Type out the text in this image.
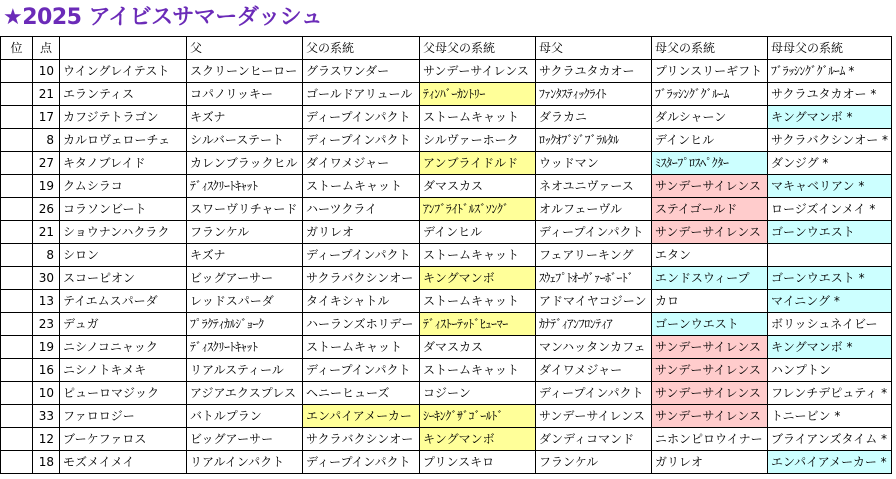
★2025 アイビスサマーダッシュ
位	点		父	父の系統	父母父の系統	母父	母父の系統	母母父の系統
	10	ウイングレイテスト	スクリーンヒーロー	グラスワンダー	サンデーサイレンス	サクラユタカオー	プリンスリーギフト	ﾌﾞﾗｯｼﾝｸﾞｸﾞﾙｰﾑ *
	21	エランティス	コパノリッキー	ゴールドアリュール	ﾃｨﾝﾊﾞｰｶﾝﾄﾘｰ	ﾌｧﾝﾀｽﾃｨｯｸﾗｲﾄ	ﾌﾞﾗｯｼﾝｸﾞｸﾞﾙｰﾑ	サクラユタカオー *
	17	カフジテトラゴン	キズナ	ディープインパクト	ストームキャット	ダラカニ	ダルシャーン	キングマンボ *
	8	カルロヴェローチェ	シルバーステート	ディープインパクト	シルヴァーホーク	ﾛｯｸｵﾌﾞｼﾞﾌﾞﾗﾙﾀﾙ	デインヒル	サクラバクシンオー *
	27	キタノブレイド	カレンブラックヒル	ダイワメジャー	アンブライドルド	ウッドマン	ﾐｽﾀｰﾌﾟﾛｽﾍﾟｸﾀｰ	ダンジグ *
	19	クムシラコ	ﾃﾞｨｽｸﾘｰﾄｷｬｯﾄ	ストームキャット	ダマスカス	ネオユニヴァース	サンデーサイレンス	マキャベリアン *
	26	コラソンビート	スワーヴリチャード	ハーツクライ	ｱﾝﾌﾞﾗｲﾄﾞﾙｽﾞｿﾝｸﾞ	オルフェーヴル	ステイゴールド	ロージズインメイ *
	21	ショウナンハクラク	フランケル	ガリレオ	デインヒル	ディープインパクト	サンデーサイレンス	ゴーンウエスト
	8	シロン	キズナ	ディープインパクト	ストームキャット	フェアリーキング	エタン	
	30	スコーピオン	ビッグアーサー	サクラバクシンオー	キングマンボ	ｽｳｪﾌﾟﾄｵｰｳﾞｧｰﾎﾞｰﾄﾞ	エンドスウィープ	ゴーンウエスト *
	13	テイエムスパーダ	レッドスパーダ	タイキシャトル	ストームキャット	アドマイヤコジーン	カロ	マイニング *
	23	デュガ	ﾌﾟﾗｸﾃｨｶﾙｼﾞｮｰｸ	ハーランズホリデー	ﾃﾞｨｽﾄｰﾃｯﾄﾞﾋｭｰﾏｰ	ｶﾅﾃﾞｨｱﾝﾌﾛﾝﾃｨｱ	ゴーンウエスト	ボリッシュネイビー
	19	ニシノコニャック	ﾃﾞｨｽｸﾘｰﾄｷｬｯﾄ	ストームキャット	ダマスカス	マンハッタンカフェ	サンデーサイレンス	キングマンボ *
	16	ニシノトキメキ	リアルスティール	ディープインパクト	ストームキャット	ダイワメジャー	サンデーサイレンス	ハンプトン
	10	ピューロマジック	アジアエクスプレス	ヘニーヒューズ	コジーン	ディープインパクト	サンデーサイレンス	フレンチデピュティ *
	33	ファロロジー	バトルプラン	エンパイアメーカー	ｼｰｷﾝｸﾞｻﾞｺﾞｰﾙﾄﾞ	サンデーサイレンス	サンデーサイレンス	トニービン *
	12	ブーケファロス	ビッグアーサー	サクラバクシンオー	キングマンボ	ダンディコマンド	ニホンピロウイナー	ブライアンズタイム *
	18	モズメイメイ	リアルインパクト	ディープインパクト	プリンスキロ	フランケル	ガリレオ	エンパイアメーカー *
